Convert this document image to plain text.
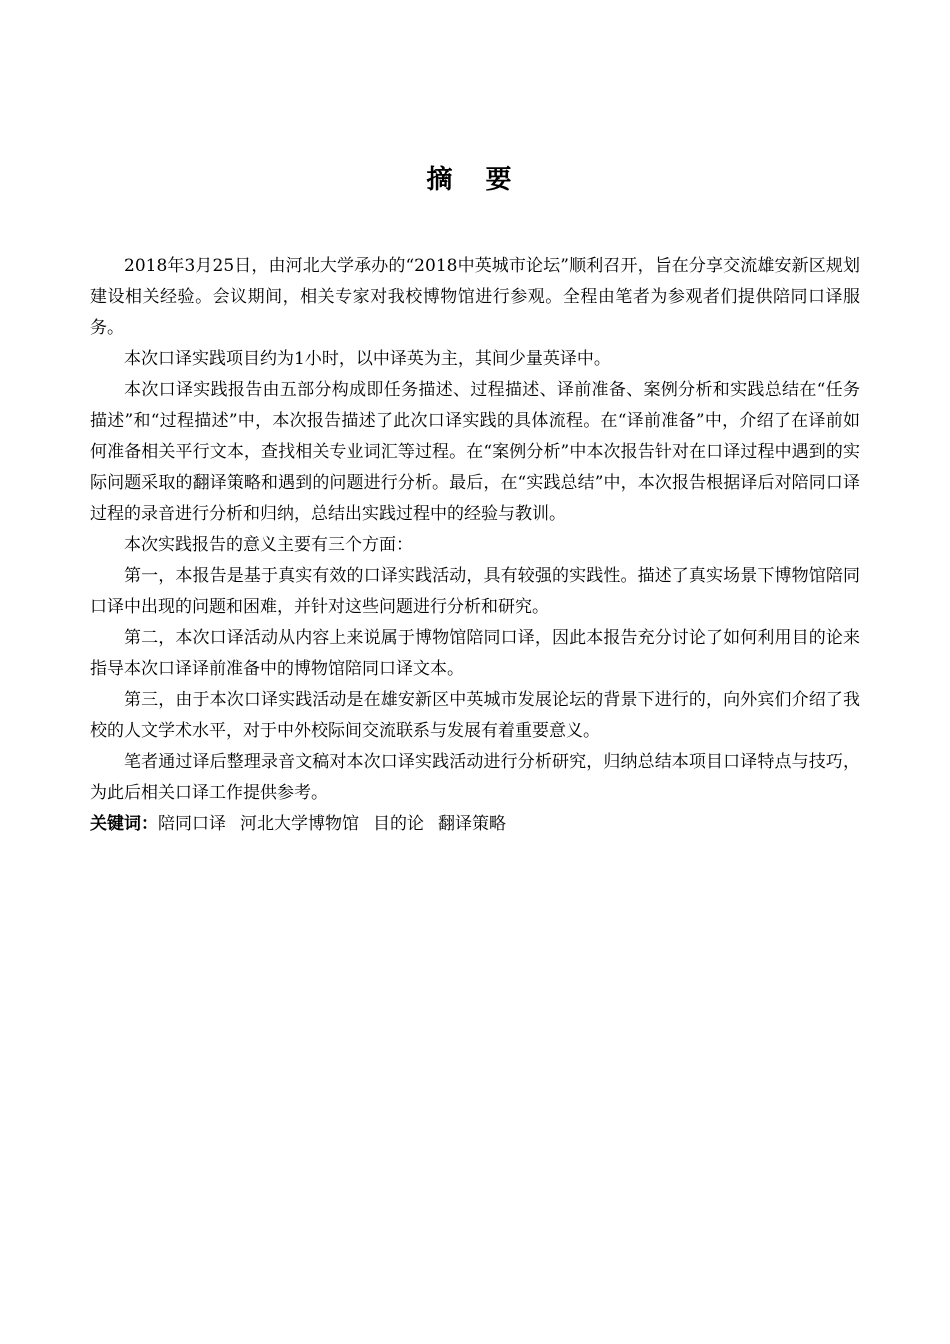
摘 要

2018年3月25日，由河北大学承办的“2018中英城市论坛”顺利召开，旨在分享交流雄安新区规划建设相关经验。会议期间，相关专家对我校博物馆进行参观。全程由笔者为参观者们提供陪同口译服务。

本次口译实践项目约为1小时，以中译英为主，其间少量英译中。

本次口译实践报告由五部分构成即任务描述、过程描述、译前准备、案例分析和实践总结在“任务描述”和“过程描述”中，本次报告描述了此次口译实践的具体流程。在“译前准备”中，介绍了在译前如何准备相关平行文本，查找相关专业词汇等过程。在“案例分析”中本次报告针对在口译过程中遇到的实际问题采取的翻译策略和遇到的问题进行分析。最后，在“实践总结”中，本次报告根据译后对陪同口译过程的录音进行分析和归纳，总结出实践过程中的经验与教训。

本次实践报告的意义主要有三个方面：

第一，本报告是基于真实有效的口译实践活动，具有较强的实践性。描述了真实场景下博物馆陪同口译中出现的问题和困难，并针对这些问题进行分析和研究。

第二，本次口译活动从内容上来说属于博物馆陪同口译，因此本报告充分讨论了如何利用目的论来指导本次口译译前准备中的博物馆陪同口译文本。

第三，由于本次口译实践活动是在雄安新区中英城市发展论坛的背景下进行的，向外宾们介绍了我校的人文学术水平，对于中外校际间交流联系与发展有着重要意义。

笔者通过译后整理录音文稿对本次口译实践活动进行分析研究，归纳总结本项目口译特点与技巧，为此后相关口译工作提供参考。

关键词：陪同口译 河北大学博物馆 目的论 翻译策略
